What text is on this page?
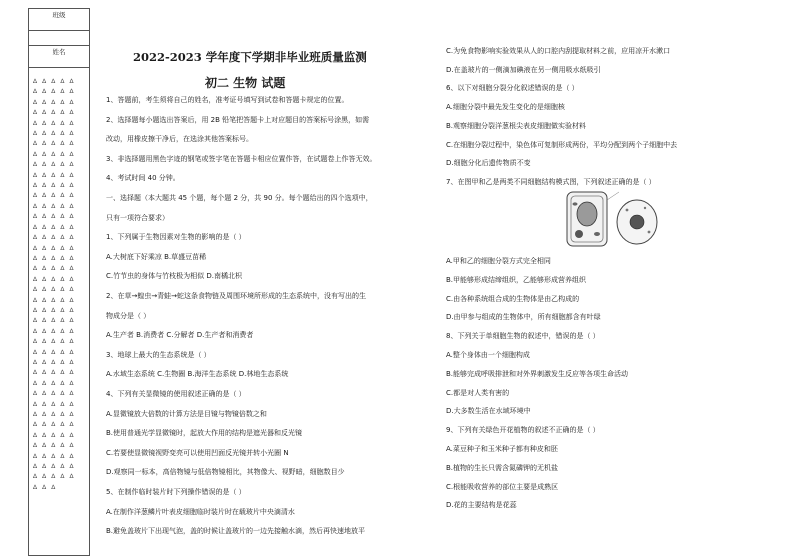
班级
姓名
∆ ∆ ∆ ∆ ∆
∆ ∆ ∆ ∆ ∆
∆ ∆ ∆ ∆ ∆
∆ ∆ ∆ ∆ ∆
∆ ∆ ∆ ∆ ∆
∆ ∆ ∆ ∆ ∆
∆ ∆ ∆ ∆ ∆
∆ ∆ ∆ ∆ ∆
∆ ∆ ∆ ∆ ∆
∆ ∆ ∆ ∆ ∆
∆ ∆ ∆ ∆ ∆
∆ ∆ ∆ ∆ ∆
∆ ∆ ∆ ∆ ∆
∆ ∆ ∆ ∆ ∆
∆ ∆ ∆ ∆ ∆
∆ ∆ ∆ ∆ ∆
∆ ∆ ∆ ∆ ∆
∆ ∆ ∆ ∆ ∆
∆ ∆ ∆ ∆ ∆
∆ ∆ ∆ ∆ ∆
∆ ∆ ∆ ∆ ∆
∆ ∆ ∆ ∆ ∆
∆ ∆ ∆ ∆ ∆
∆ ∆ ∆ ∆ ∆
∆ ∆ ∆ ∆ ∆
∆ ∆ ∆ ∆ ∆
∆ ∆ ∆ ∆ ∆
∆ ∆ ∆ ∆ ∆
∆ ∆ ∆ ∆ ∆
∆ ∆ ∆ ∆ ∆
∆ ∆ ∆ ∆ ∆
∆ ∆ ∆ ∆ ∆
∆ ∆ ∆ ∆ ∆
∆ ∆ ∆ ∆ ∆
∆ ∆ ∆ ∆ ∆
∆ ∆ ∆ ∆ ∆
∆ ∆ ∆ ∆ ∆
∆ ∆ ∆ ∆ ∆
∆ ∆ ∆ ∆ ∆
∆ ∆ ∆
2022-2023 学年度下学期非毕业班质量监测
初二 生物 试题
1、答题前，考生须将自己的姓名，准考证号填写到试卷和答题卡规定的位置。
2、选择题每小题选出答案后，用 2B 铅笔把答题卡上对应题目的答案标号涂黑，如需
改动，用橡皮擦干净后，在选涂其他答案标号。
3、非选择题用黑色字迹的钢笔或签字笔在答题卡相应位置作答，在试题卷上作答无效。
4、考试时间 40 分钟。
一、选择题（本大题共 45 个题，每个题 2 分，共 90 分。每个题给出的四个选项中，
只有一项符合要求）
1、下列属于生物因素对生物的影响的是（ ）
A.大树底下好乘凉 B.草盛豆苗稀
C.竹节虫的身体与竹枝极为相似 D.南橘北枳
2、在草→蝗虫→青蛙→蛇这条食物链及周围环境所形成的生态系统中，没有写出的生
物成分是（ ）
A.生产者 B.消费者 C.分解者 D.生产者和消费者
3、地球上最大的生态系统是（ ）
A.水域生态系统 C.生物圈 B.海洋生态系统 D.林地生态系统
4、下列有关显微镜的使用叙述正确的是（ ）
A.显微镜放大倍数的计算方法是目镜与物镜倍数之和
B.使用普通光学显微镜时，起放大作用的结构是遮光器和反光镜
C.若要使显微镜视野变亮可以使用凹面反光镜并转小光圈 N
D.观察同一标本，高倍物镜与低倍物镜相比，其物像大、视野暗，细胞数目少
5、在制作临时装片时下列操作错误的是（ ）
A.在制作洋葱鳞片叶表皮细胞临时装片时在载玻片中央滴清水
B.避免盖玻片下出现气泡，盖的时候让盖玻片的一边先接触水滴，然后再快速地放平
C.为免食物影响实验效果从人的口腔内刮提取材料之前，应用凉开水漱口
D.在盖玻片的一侧滴加碘液在另一侧用吸水纸吸引
6、以下对细胞分裂分化叙述错误的是（ ）
A.细胞分裂中最先发生变化的是细胞核
B.观察细胞分裂洋葱根尖表皮细胞做实验材料
C.在细胞分裂过程中，染色体可复制形成两份，平均分配到两个子细胞中去
D.细胞分化后遗传物质不变
7、在图甲和乙是两类不同细胞结构模式图，下列叙述正确的是（ ）
A.甲和乙的细胞分裂方式完全相同
B.甲能够形成结缔组织，乙能够形成营养组织
C.由各种系统组合成的生物体是由乙构成的
D.由甲参与组成的生物体中，所有细胞都含有叶绿
8、下列关于单细胞生物的叙述中，错误的是（ ）
A.整个身体由一个细胞构成
B.能够完成呼吸排泄和对外界刺激发生反应等各项生命活动
C.都是对人类有害的
D.大多数生活在水域环境中
9、下列有关绿色开花植物的叙述不正确的是（ ）
A.菜豆种子和玉米种子都有种皮和胚
B.植物的生长只需含氮磷钾的无机盐
C.根能吸收营养的部位主要是成熟区
D.花的主要结构是花蕊
